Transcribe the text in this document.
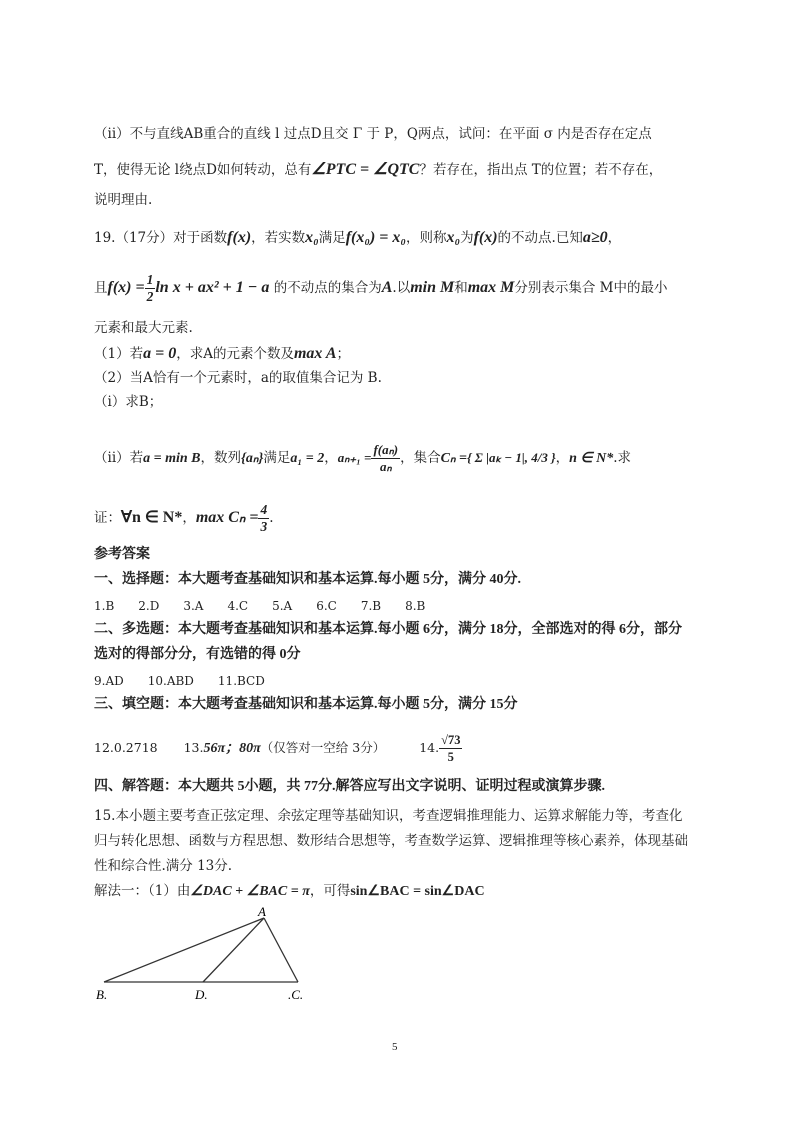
（ii）不与直线AB重合的直线 l 过点D且交 Γ 于 P，Q两点，试问：在平面 σ 内是否存在定点
T，使得无论 l绕点D如何转动，总有∠PTC = ∠QTC？若存在，指出点 T的位置；若不存在，
说明理由.
19.（17分）对于函数f(x)，若实数x₀满足f(x₀) = x₀，则称x₀为f(x)的不动点.已知a≥0，
且$f(x) = \frac{1}{2}$ ln x + ax² + 1 − a 的不动点的集合为A.以min M和max M分别表示集合 M中的最小
元素和最大元素.
（1）若a = 0，求A的元素个数及max A；
（2）当A恰有一个元素时，a的取值集合记为 B.
（i）求B；
（ii）若a = min B，数列{aₙ}满足a₁ = 2，$a_{n+1} = \frac{\text{f(aₙ)}}{\text{aₙ}}$ ，集合Cₙ ={ Σ |aₖ − 1|, 4/3 }，n ∈ N*.求
证：∀n ∈ N*，$\max C_n = \frac{4}{3}$ .
参考答案
一、选择题：本大题考查基础知识和基本运算.每小题 5分，满分 40分.
1.B　　2.D　　3.A　　4.C　　5.A　　6.C　　7.B　　8.B
二、多选题：本大题考查基础知识和基本运算.每小题 6分，满分 18分，全部选对的得 6分，部分
选对的得部分分，有选错的得 0分
9.AD　　10.ABD　　11.BCD
三、填空题：本大题考查基础知识和基本运算.每小题 5分，满分 15分
12.0.2718 13.56π；80π（仅答对一空给 3分）	14. $\frac{√73}{5}$
四、解答题：本大题共 5小题，共 77分.解答应写出文字说明、证明过程或演算步骤.
15.本小题主要考查正弦定理、余弦定理等基础知识，考查逻辑推理能力、运算求解能力等，考查化
归与转化思想、函数与方程思想、数形结合思想等，考查数学运算、逻辑推理等核心素养，体现基础
性和综合性.满分 13分.
解法一：（1）由∠DAC + ∠BAC = π，可得sin∠BAC = sin∠DAC
A
B.	D.	.C.
5
